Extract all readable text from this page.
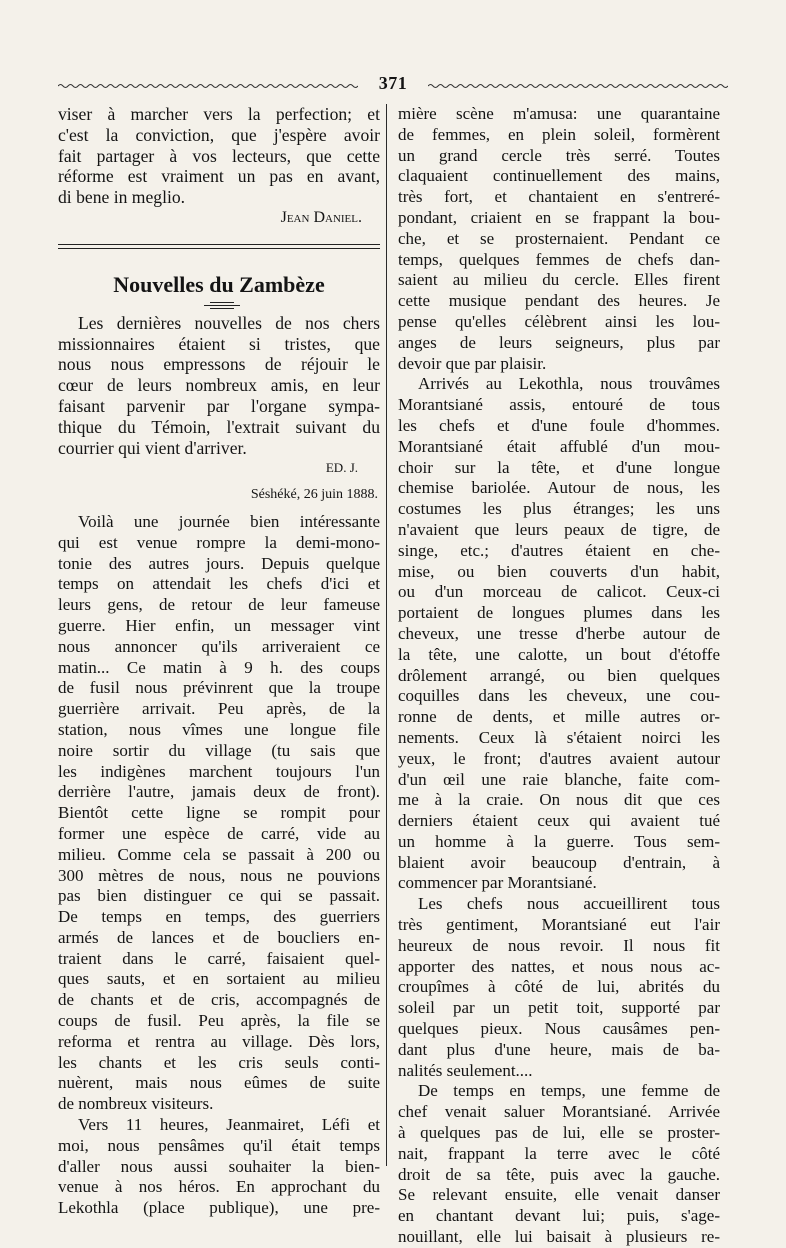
371
viser à marcher vers la perfection; et
c'est la conviction, que j'espère avoir
fait partager à vos lecteurs, que cette
réforme est vraiment un pas en avant,
di bene in meglio.
Jean Daniel.
Nouvelles du Zambèze
Les dernières nouvelles de nos chers
missionnaires étaient si tristes, que
nous nous empressons de réjouir le
cœur de leurs nombreux amis, en leur
faisant parvenir par l'organe sympa-
thique du Témoin, l'extrait suivant du
courrier qui vient d'arriver.
ED. J.
Séshéké, 26 juin 1888.
Voilà une journée bien intéressante
qui est venue rompre la demi-mono-
tonie des autres jours. Depuis quelque
temps on attendait les chefs d'ici et
leurs gens, de retour de leur fameuse
guerre. Hier enfin, un messager vint
nous annoncer qu'ils arriveraient ce
matin... Ce matin à 9 h. des coups
de fusil nous prévinrent que la troupe
guerrière arrivait. Peu après, de la
station, nous vîmes une longue file
noire sortir du village (tu sais que
les indigènes marchent toujours l'un
derrière l'autre, jamais deux de front).
Bientôt cette ligne se rompit pour
former une espèce de carré, vide au
milieu. Comme cela se passait à 200 ou
300 mètres de nous, nous ne pouvions
pas bien distinguer ce qui se passait.
De temps en temps, des guerriers
armés de lances et de boucliers en-
traient dans le carré, faisaient quel-
ques sauts, et en sortaient au milieu
de chants et de cris, accompagnés de
coups de fusil. Peu après, la file se
reforma et rentra au village. Dès lors,
les chants et les cris seuls conti-
nuèrent, mais nous eûmes de suite
de nombreux visiteurs.
Vers 11 heures, Jeanmairet, Léfi et
moi, nous pensâmes qu'il était temps
d'aller nous aussi souhaiter la bien-
venue à nos héros. En approchant du
Lekothla (place publique), une pre-
mière scène m'amusa: une quarantaine
de femmes, en plein soleil, formèrent
un grand cercle très serré. Toutes
claquaient continuellement des mains,
très fort, et chantaient en s'entreré-
pondant, criaient en se frappant la bou-
che, et se prosternaient. Pendant ce
temps, quelques femmes de chefs dan-
saient au milieu du cercle. Elles firent
cette musique pendant des heures. Je
pense qu'elles célèbrent ainsi les lou-
anges de leurs seigneurs, plus par
devoir que par plaisir.
Arrivés au Lekothla, nous trouvâmes
Morantsiané assis, entouré de tous
les chefs et d'une foule d'hommes.
Morantsiané était affublé d'un mou-
choir sur la tête, et d'une longue
chemise bariolée. Autour de nous, les
costumes les plus étranges; les uns
n'avaient que leurs peaux de tigre, de
singe, etc.; d'autres étaient en che-
mise, ou bien couverts d'un habit,
ou d'un morceau de calicot. Ceux-ci
portaient de longues plumes dans les
cheveux, une tresse d'herbe autour de
la tête, une calotte, un bout d'étoffe
drôlement arrangé, ou bien quelques
coquilles dans les cheveux, une cou-
ronne de dents, et mille autres or-
nements. Ceux là s'étaient noirci les
yeux, le front; d'autres avaient autour
d'un œil une raie blanche, faite com-
me à la craie. On nous dit que ces
derniers étaient ceux qui avaient tué
un homme à la guerre. Tous sem-
blaient avoir beaucoup d'entrain, à
commencer par Morantsiané.
Les chefs nous accueillirent tous
très gentiment, Morantsiané eut l'air
heureux de nous revoir. Il nous fit
apporter des nattes, et nous nous ac-
croupîmes à côté de lui, abrités du
soleil par un petit toit, supporté par
quelques pieux. Nous causâmes pen-
dant plus d'une heure, mais de ba-
nalités seulement....
De temps en temps, une femme de
chef venait saluer Morantsiané. Arrivée
à quelques pas de lui, elle se proster-
nait, frappant la terre avec le côté
droit de sa tête, puis avec la gauche.
Se relevant ensuite, elle venait danser
en chantant devant lui; puis, s'age-
nouillant, elle lui baisait à plusieurs re-
